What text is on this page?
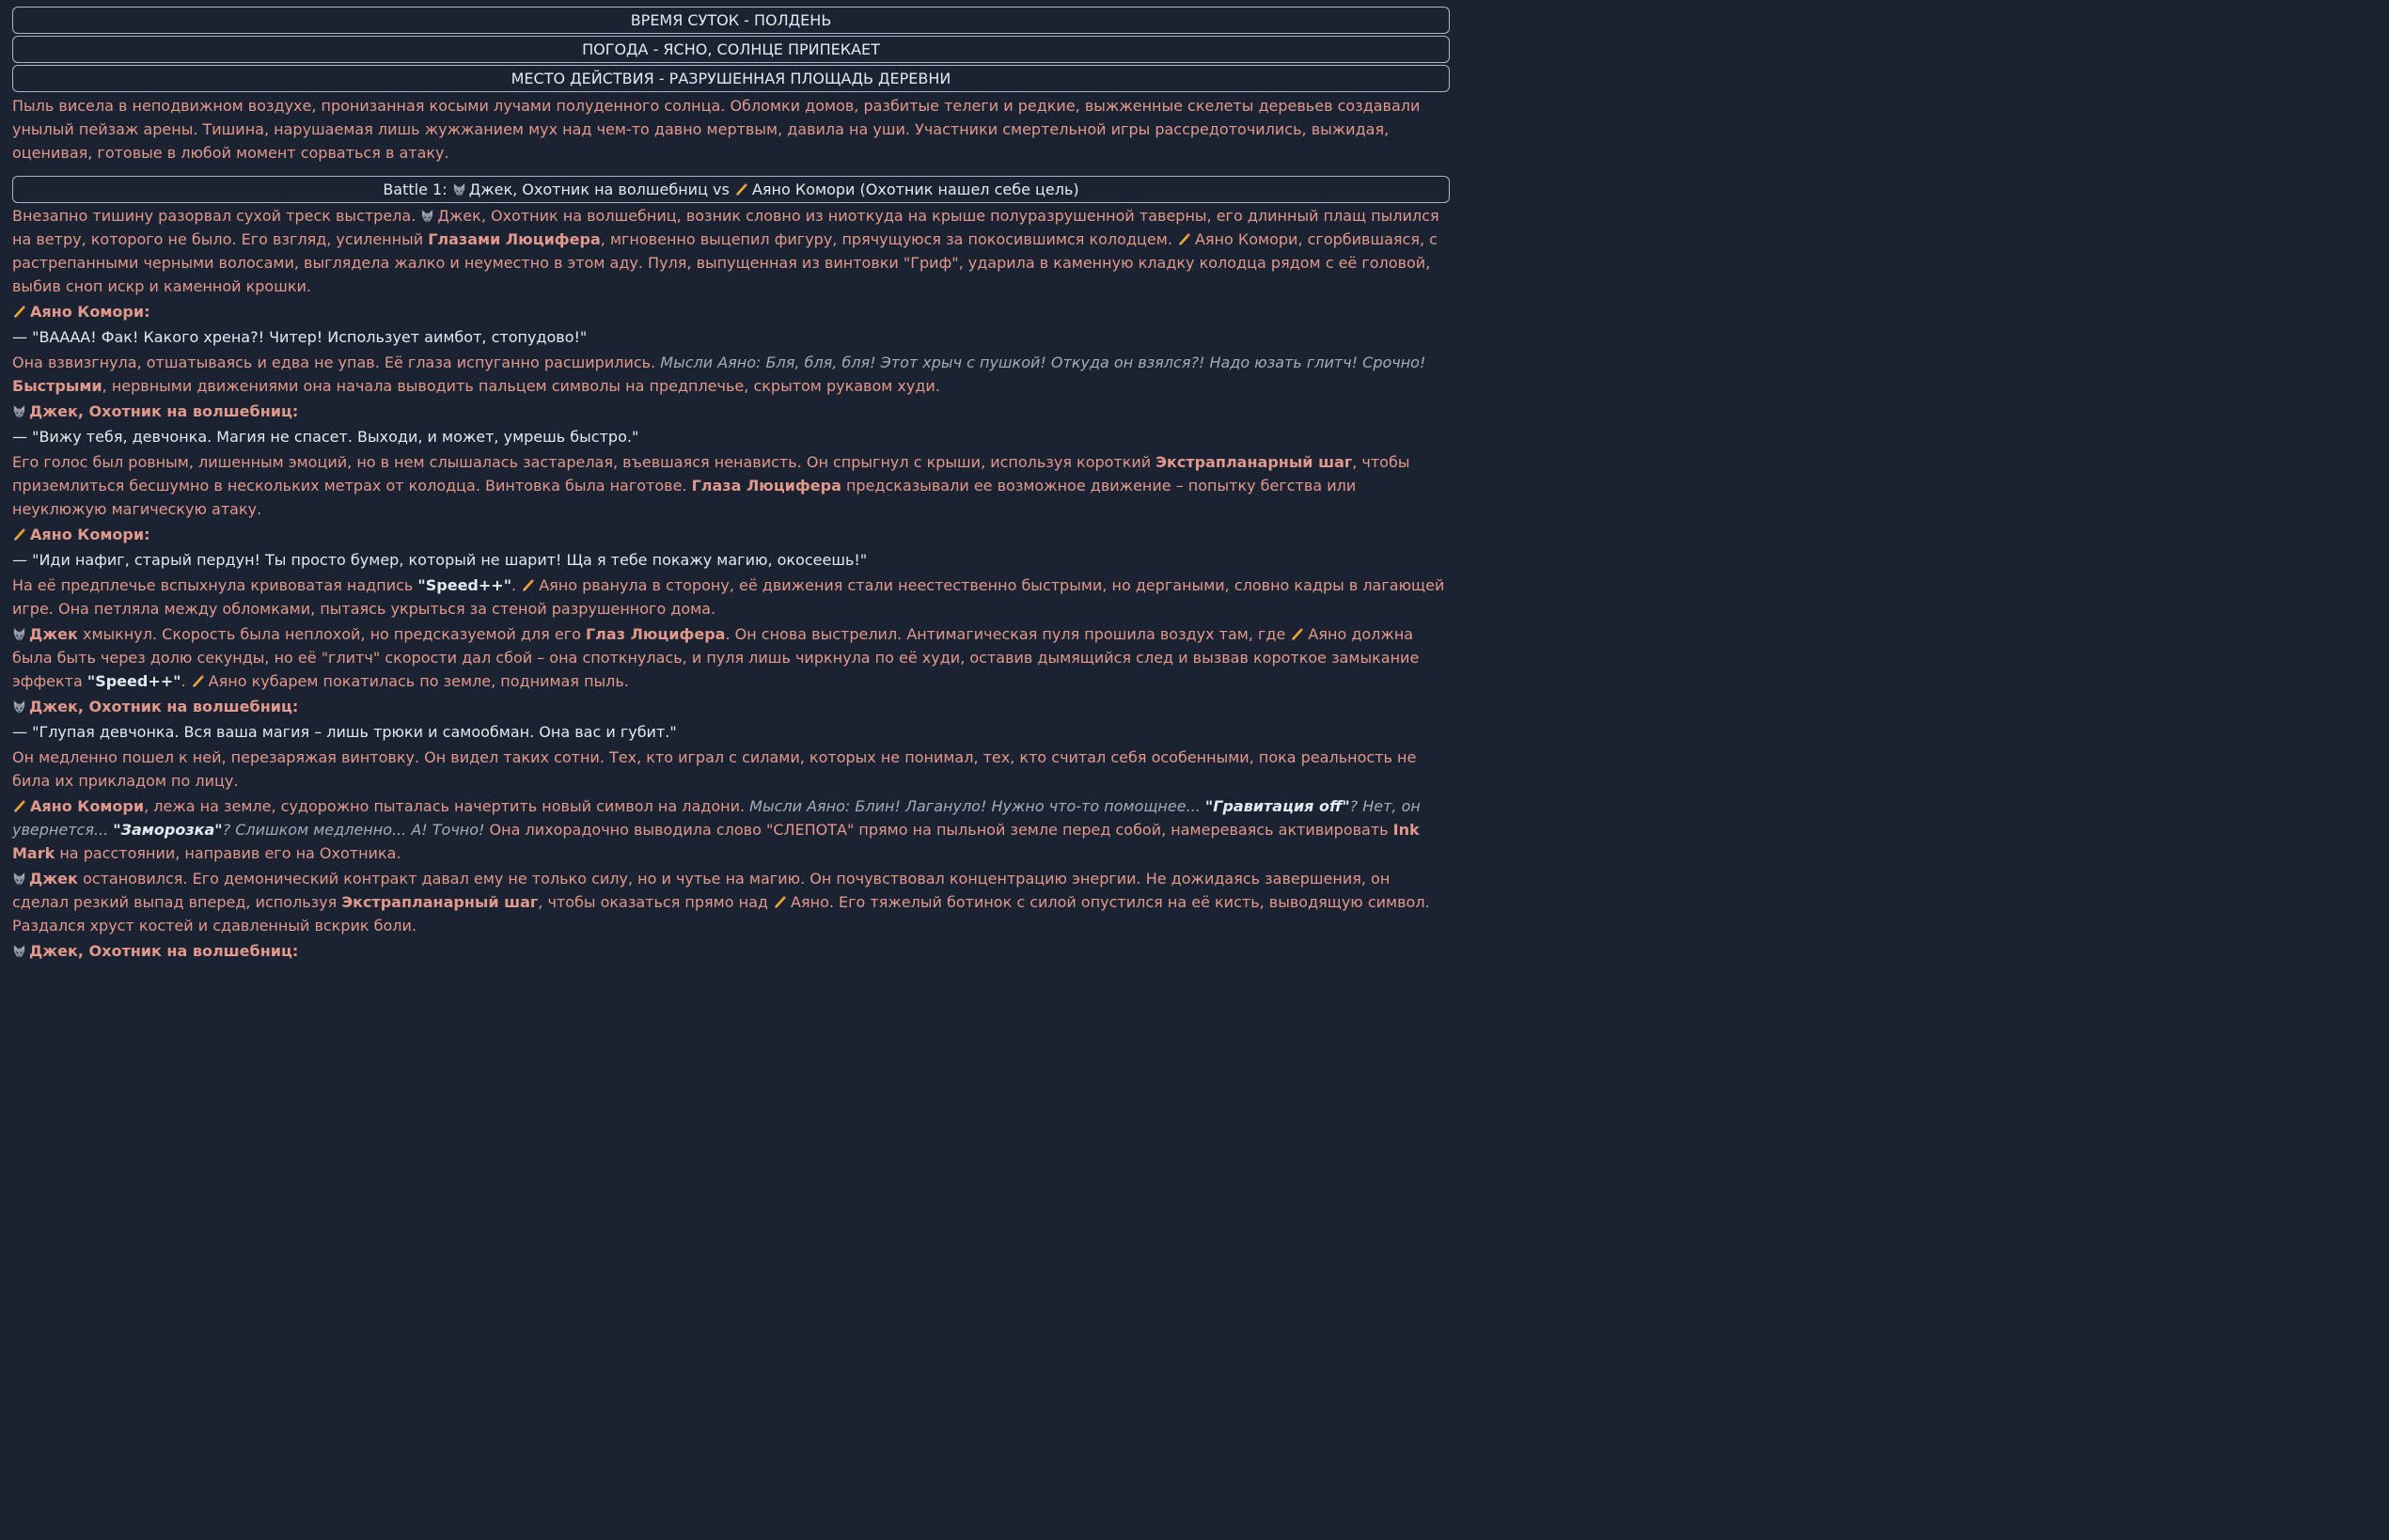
ВРЕМЯ СУТОК - ПОЛДЕНЬ
ПОГОДА - ЯСНО, СОЛНЦЕ ПРИПЕКАЕТ
МЕСТО ДЕЙСТВИЯ - РАЗРУШЕННАЯ ПЛОЩАДЬ ДЕРЕВНИ
Пыль висела в неподвижном воздухе, пронизанная косыми лучами полуденного солнца. Обломки домов, разбитые телеги и редкие, выжженные скелеты деревьев создавали унылый пейзаж арены. Тишина, нарушаемая лишь жужжанием мух над чем-то давно мертвым, давила на уши. Участники смертельной игры рассредоточились, выжидая, оценивая, готовые в любой момент сорваться в атаку.
Battle 1: Джек, Охотник на волшебниц vs Аяно Комори (Охотник нашел себе цель)
Внезапно тишину разорвал сухой треск выстрела. Джек, Охотник на волшебниц, возник словно из ниоткуда на крыше полуразрушенной таверны, его длинный плащ пылился на ветру, которого не было. Его взгляд, усиленный Глазами Люцифера, мгновенно выцепил фигуру, прячущуюся за покосившимся колодцем. Аяно Комори, сгорбившаяся, с растрепанными черными волосами, выглядела жалко и неуместно в этом аду. Пуля, выпущенная из винтовки "Гриф", ударила в каменную кладку колодца рядом с её головой, выбив сноп искр и каменной крошки.
Аяно Комори:
— "ВАААА! Фак! Какого хрена?! Читер! Использует аимбот, стопудово!"
Она взвизгнула, отшатываясь и едва не упав. Её глаза испуганно расширились. Мысли Аяно: Бля, бля, бля! Этот хрыч с пушкой! Откуда он взялся?! Надо юзать глитч! Срочно! Быстрыми, нервными движениями она начала выводить пальцем символы на предплечье, скрытом рукавом худи.
Джек, Охотник на волшебниц:
— "Вижу тебя, девчонка. Магия не спасет. Выходи, и может, умрешь быстро."
Его голос был ровным, лишенным эмоций, но в нем слышалась застарелая, въевшаяся ненависть. Он спрыгнул с крыши, используя короткий Экстрапланарный шаг, чтобы приземлиться бесшумно в нескольких метрах от колодца. Винтовка была наготове. Глаза Люцифера предсказывали ее возможное движение – попытку бегства или неуклюжую магическую атаку.
Аяно Комори:
— "Иди нафиг, старый пердун! Ты просто бумер, который не шарит! Ща я тебе покажу магию, окосеешь!"
На её предплечье вспыхнула кривоватая надпись "Speed++". Аяно рванула в сторону, её движения стали неестественно быстрыми, но дергаными, словно кадры в лагающей игре. Она петляла между обломками, пытаясь укрыться за стеной разрушенного дома.
Джек хмыкнул. Скорость была неплохой, но предсказуемой для его Глаз Люцифера. Он снова выстрелил. Антимагическая пуля прошила воздух там, где Аяно должна была быть через долю секунды, но её "глитч" скорости дал сбой – она споткнулась, и пуля лишь чиркнула по её худи, оставив дымящийся след и вызвав короткое замыкание эффекта "Speed++". Аяно кубарем покатилась по земле, поднимая пыль.
Джек, Охотник на волшебниц:
— "Глупая девчонка. Вся ваша магия – лишь трюки и самообман. Она вас и губит."
Он медленно пошел к ней, перезаряжая винтовку. Он видел таких сотни. Тех, кто играл с силами, которых не понимал, тех, кто считал себя особенными, пока реальность не била их прикладом по лицу.
Аяно Комори, лежа на земле, судорожно пыталась начертить новый символ на ладони. Мысли Аяно: Блин! Лагануло! Нужно что-то помощнее... "Гравитация off"? Нет, он увернется... "Заморозка"? Слишком медленно... А! Точно! Она лихорадочно выводила слово "СЛЕПОТА" прямо на пыльной земле перед собой, намереваясь активировать Ink Mark на расстоянии, направив его на Охотника.
Джек остановился. Его демонический контракт давал ему не только силу, но и чутье на магию. Он почувствовал концентрацию энергии. Не дожидаясь завершения, он сделал резкий выпад вперед, используя Экстрапланарный шаг, чтобы оказаться прямо над Аяно. Его тяжелый ботинок с силой опустился на её кисть, выводящую символ. Раздался хруст костей и сдавленный вскрик боли.
Джек, Охотник на волшебниц:
